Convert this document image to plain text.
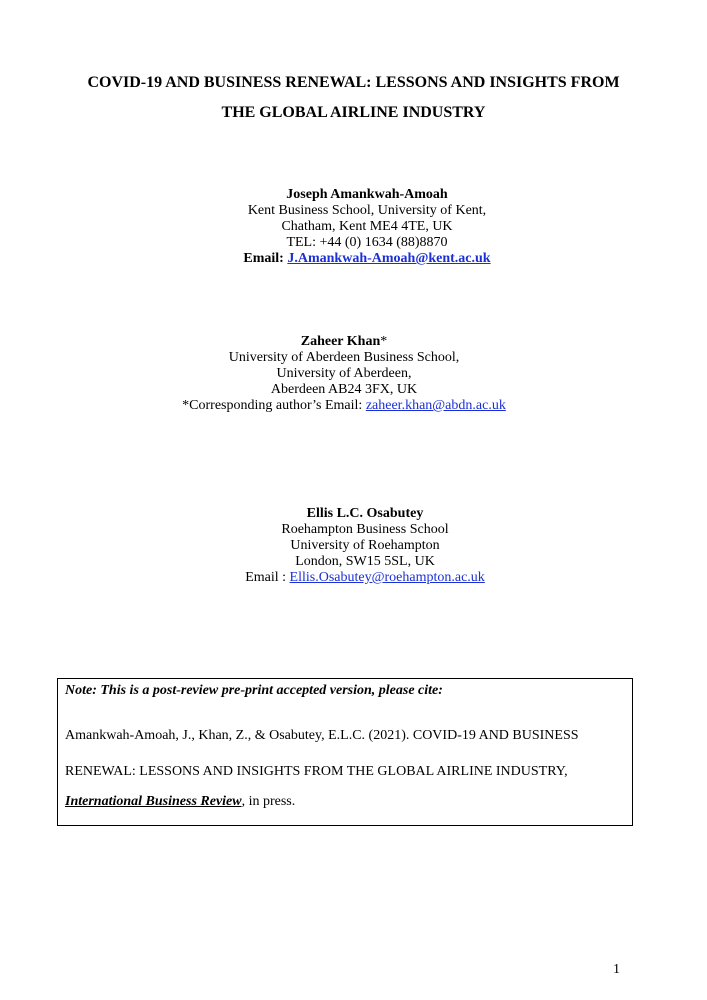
COVID-19 AND BUSINESS RENEWAL: LESSONS AND INSIGHTS FROM
THE GLOBAL AIRLINE INDUSTRY
Joseph Amankwah-Amoah
Kent Business School, University of Kent,
Chatham, Kent ME4 4TE, UK
TEL: +44 (0) 1634 (88)8870
Email: J.Amankwah-Amoah@kent.ac.uk
Zaheer Khan*
University of Aberdeen Business School,
University of Aberdeen,
Aberdeen AB24 3FX, UK
*Corresponding author’s Email: zaheer.khan@abdn.ac.uk
Ellis L.C. Osabutey
Roehampton Business School
University of Roehampton
London, SW15 5SL, UK
Email : Ellis.Osabutey@roehampton.ac.uk
Note: This is a post-review pre-print accepted version, please cite:
Amankwah-Amoah, J., Khan, Z., & Osabutey, E.L.C. (2021). COVID-19 AND BUSINESS
RENEWAL: LESSONS AND INSIGHTS FROM THE GLOBAL AIRLINE INDUSTRY,
International Business Review, in press.
1
